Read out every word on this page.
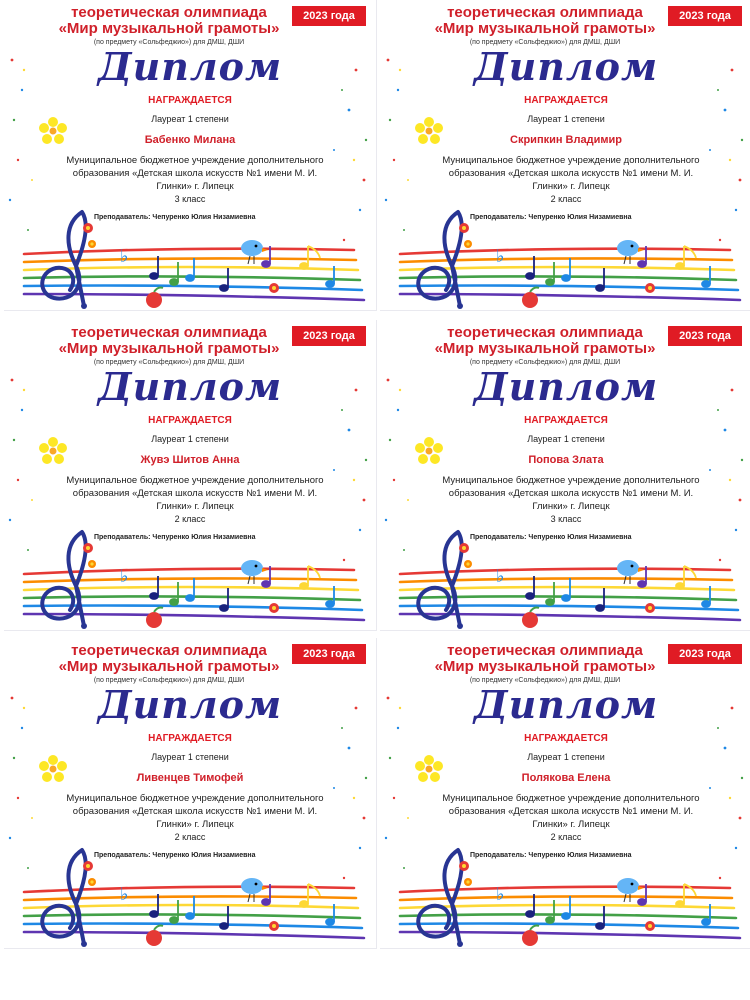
теоретическая олимпиада
«Мир музыкальной грамоты»
(по предмету «Сольфеджио») для ДМШ, ДШИ
2023 года
Диплом
НАГРАЖДАЕТСЯ
Лауреат 1 степени
Бабенко Милана
Муниципальное бюджетное учреждение дополнительного образования «Детская школа искусств №1 имени М. И. Глинки» г. Липецк
3 класс
Преподаватель: Чепуренко Юлия Низамиевна
♭
теоретическая олимпиада
«Мир музыкальной грамоты»
(по предмету «Сольфеджио») для ДМШ, ДШИ
2023 года
Диплом
НАГРАЖДАЕТСЯ
Лауреат 1 степени
Скрипкин Владимир
Муниципальное бюджетное учреждение дополнительного образования «Детская школа искусств №1 имени М. И. Глинки» г. Липецк
2 класс
Преподаватель: Чепуренко Юлия Низамиевна
♭
теоретическая олимпиада
«Мир музыкальной грамоты»
(по предмету «Сольфеджио») для ДМШ, ДШИ
2023 года
Диплом
НАГРАЖДАЕТСЯ
Лауреат 1 степени
Жувэ Шитов Анна
Муниципальное бюджетное учреждение дополнительного образования «Детская школа искусств №1 имени М. И. Глинки» г. Липецк
2 класс
Преподаватель: Чепуренко Юлия Низамиевна
♭
теоретическая олимпиада
«Мир музыкальной грамоты»
(по предмету «Сольфеджио») для ДМШ, ДШИ
2023 года
Диплом
НАГРАЖДАЕТСЯ
Лауреат 1 степени
Попова Злата
Муниципальное бюджетное учреждение дополнительного образования «Детская школа искусств №1 имени М. И. Глинки» г. Липецк
3 класс
Преподаватель: Чепуренко Юлия Низамиевна
♭
теоретическая олимпиада
«Мир музыкальной грамоты»
(по предмету «Сольфеджио») для ДМШ, ДШИ
2023 года
Диплом
НАГРАЖДАЕТСЯ
Лауреат 1 степени
Ливенцев Тимофей
Муниципальное бюджетное учреждение дополнительного образования «Детская школа искусств №1 имени М. И. Глинки» г. Липецк
2 класс
Преподаватель: Чепуренко Юлия Низамиевна
♭
теоретическая олимпиада
«Мир музыкальной грамоты»
(по предмету «Сольфеджио») для ДМШ, ДШИ
2023 года
Диплом
НАГРАЖДАЕТСЯ
Лауреат 1 степени
Полякова Елена
Муниципальное бюджетное учреждение дополнительного образования «Детская школа искусств №1 имени М. И. Глинки» г. Липецк
2 класс
Преподаватель: Чепуренко Юлия Низамиевна
♭
